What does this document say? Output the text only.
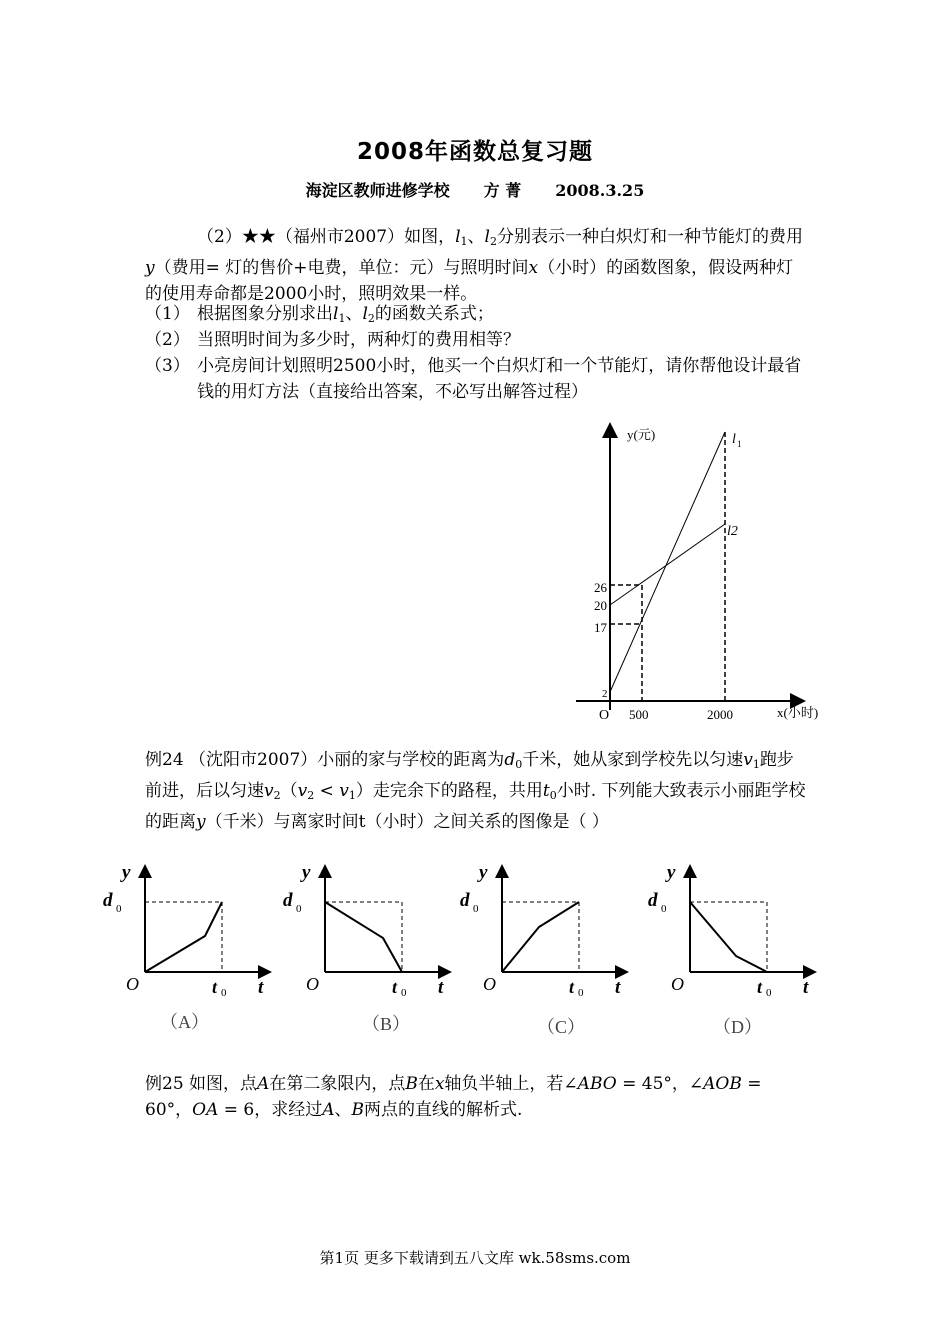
2008年函数总复习题
海淀区教师进修学校 方 菁 2008.3.25
（2）★★（福州市2007）如图，$l_1$、$l_2$分别表示一种白炽灯和一种节能灯的费用y（费用= 灯的售价+电费，单位：元）与照明时间x（小时）的函数图象，假设两种灯的使用寿命都是2000小时，照明效果一样。
（1） 根据图象分别求出$l_1$、$l_2$的函数关系式；
（2） 当照明时间为多少时，两种灯的费用相等？
（3） 小亮房间计划照明2500小时，他买一个白炽灯和一个节能灯，请你帮他设计最省钱的用灯方法（直接给出答案，不必写出解答过程）
y(元)
x(小时)
O
l 1
l2
26
20
17
2
500	2000
例24 （沈阳市2007）小丽的家与学校的距离为$d_0$千米，她从家到学校先以匀速$v_1$跑步前进，后以匀速$v_2(v_2 < v_1)$走完余下的路程，共用$t_0$小时. 下列能大致表示小丽距学校的距离y（千米）与离家时间t（小时）之间关系的图像是（ ）
y
d 0
O	t 0 t
（A）
y
d 0
O	t 0 t
（B）
y
d 0
O	t 0 t
（C）
y
d 0
O	t 0 t
（D）
例25 如图，点A在第二象限内，点B在x轴负半轴上，若∠ABO = 45°，∠AOB = 60°，OA = 6，求经过A、B两点的直线的解析式.
第1页 更多下载请到五八文库 wk.58sms.com
